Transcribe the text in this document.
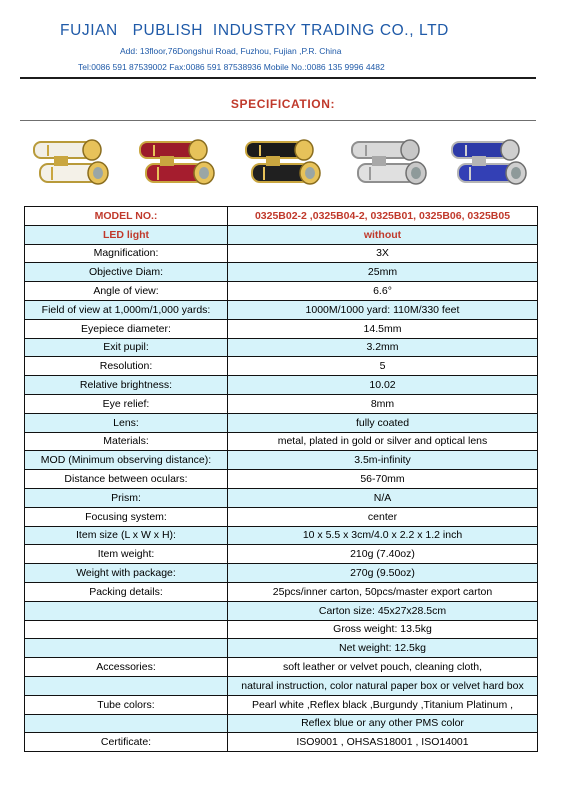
FUJIAN   PUBLISH  INDUSTRY TRADING CO., LTD
Add: 13floor,76Dongshui Road, Fuzhou, Fujian ,P.R. China
Tel:0086 591 87539002 Fax:0086 591 87538936 Mobile No.:0086 135 9996 4482
SPECIFICATION:
MODEL NO.:	0325B02-2 ,0325B04-2, 0325B01, 0325B06, 0325B05
LED light	without
Magnification:	3X
Objective Diam:	25mm
Angle of view:	6.6°
Field of view at 1,000m/1,000 yards:	1000M/1000 yard: 110M/330 feet
Eyepiece diameter:	14.5mm
Exit pupil:	3.2mm
Resolution:	5
Relative brightness:	10.02
Eye relief:	8mm
Lens:	fully coated
Materials:	metal, plated in gold or silver and optical lens
MOD (Minimum observing distance):	3.5m-infinity
Distance between oculars:	56-70mm
Prism:	N/A
Focusing system:	center
Item size (L x W x H):	10 x 5.5 x 3cm/4.0 x 2.2 x 1.2 inch
Item weight:	210g (7.40oz)
Weight with package:	270g (9.50oz)
Packing details:	25pcs/inner carton, 50pcs/master export carton
	Carton size: 45x27x28.5cm
	Gross weight: 13.5kg
	Net weight: 12.5kg
Accessories:	soft leather or velvet pouch, cleaning cloth,
	natural instruction, color natural paper box or velvet hard box
Tube colors:	Pearl white ,Reflex black ,Burgundy ,Titanium Platinum ,
	Reflex blue or any other PMS color
Certificate:	ISO9001 , OHSAS18001 , ISO14001
